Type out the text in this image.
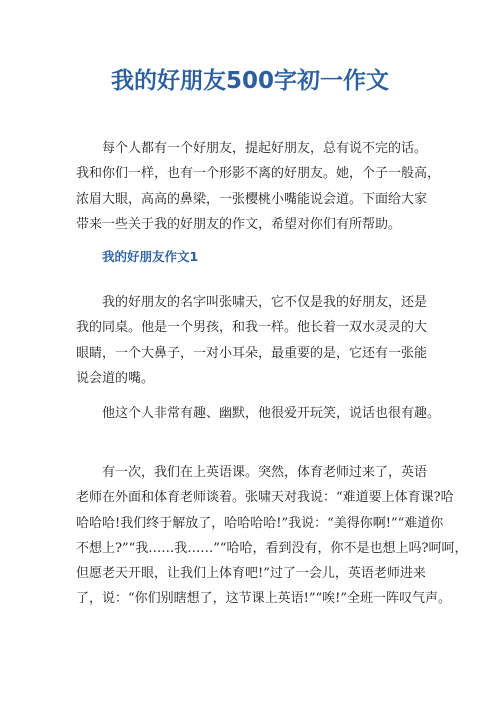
我的好朋友500字初一作文
每个人都有一个好朋友，提起好朋友，总有说不完的话。
我和你们一样，也有一个形影不离的好朋友。她，个子一般高，
浓眉大眼，高高的鼻梁，一张樱桃小嘴能说会道。下面给大家
带来一些关于我的好朋友的作文，希望对你们有所帮助。
我的好朋友作文1
我的好朋友的名字叫张啸天，它不仅是我的好朋友，还是
我的同桌。他是一个男孩，和我一样。他长着一双水灵灵的大
眼睛，一个大鼻子，一对小耳朵，最重要的是，它还有一张能
说会道的嘴。
他这个人非常有趣、幽默，他很爱开玩笑，说话也很有趣。
有一次，我们在上英语课。突然，体育老师过来了，英语
老师在外面和体育老师谈着。张啸天对我说：“难道要上体育课?哈
哈哈哈!我们终于解放了，哈哈哈哈!”我说：“美得你啊!”“难道你
不想上?”“我……我……”“哈哈，看到没有，你不是也想上吗?呵呵，
但愿老天开眼，让我们上体育吧!”过了一会儿，英语老师进来
了，说：“你们别瞎想了，这节课上英语!”“唉!”全班一阵叹气声。
